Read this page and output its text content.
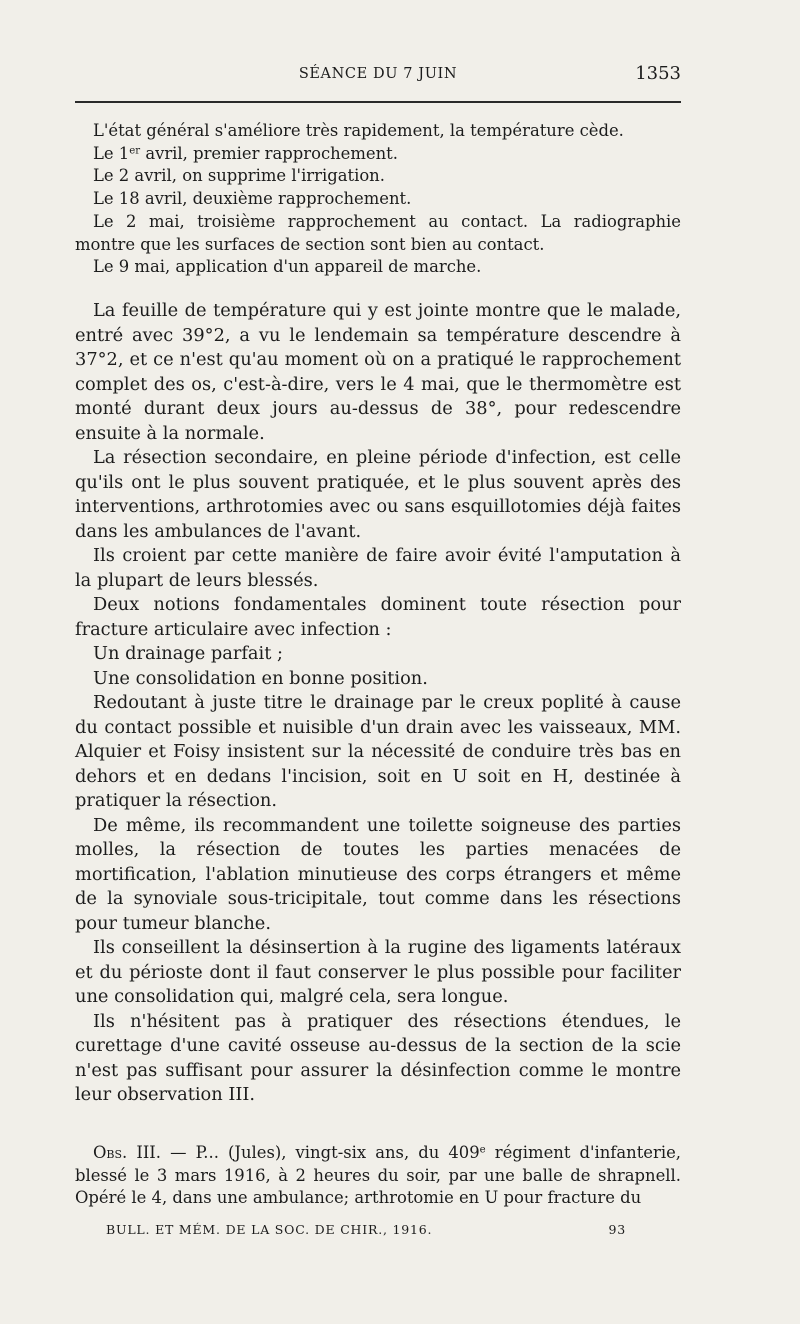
SÉANCE DU 7 JUIN	1353

L'état général s'améliore très rapidement, la température cède.

Le 1er avril, premier rapprochement.

Le 2 avril, on supprime l'irrigation.

Le 18 avril, deuxième rapprochement.

Le 2 mai, troisième rapprochement au contact. La radiographie montre que les surfaces de section sont bien au contact.

Le 9 mai, application d'un appareil de marche.

La feuille de température qui y est jointe montre que le malade, entré avec 39°2, a vu le lendemain sa température descendre à 37°2, et ce n'est qu'au moment où on a pratiqué le rapprochement complet des os, c'est-à-dire, vers le 4 mai, que le thermomètre est monté durant deux jours au-dessus de 38°, pour redescendre ensuite à la normale.

La résection secondaire, en pleine période d'infection, est celle qu'ils ont le plus souvent pratiquée, et le plus souvent après des interventions, arthrotomies avec ou sans esquillotomies déjà faites dans les ambulances de l'avant.

Ils croient par cette manière de faire avoir évité l'amputation à la plupart de leurs blessés.

Deux notions fondamentales dominent toute résection pour fracture articulaire avec infection :

Un drainage parfait ;

Une consolidation en bonne position.

Redoutant à juste titre le drainage par le creux poplité à cause du contact possible et nuisible d'un drain avec les vaisseaux, MM. Alquier et Foisy insistent sur la nécessité de conduire très bas en dehors et en dedans l'incision, soit en U soit en H, destinée à pratiquer la résection.

De même, ils recommandent une toilette soigneuse des parties molles, la résection de toutes les parties menacées de mortification, l'ablation minutieuse des corps étrangers et même de la synoviale sous-tricipitale, tout comme dans les résections pour tumeur blanche.

Ils conseillent la désinsertion à la rugine des ligaments latéraux et du périoste dont il faut conserver le plus possible pour faciliter une consolidation qui, malgré cela, sera longue.

Ils n'hésitent pas à pratiquer des résections étendues, le curettage d'une cavité osseuse au-dessus de la section de la scie n'est pas suffisant pour assurer la désinfection comme le montre leur observation III.

Obs. III. — P... (Jules), vingt-six ans, du 409e régiment d'infanterie, blessé le 3 mars 1916, à 2 heures du soir, par une balle de shrapnell. Opéré le 4, dans une ambulance; arthrotomie en U pour fracture du

BULL. ET MÉM. DE LA SOC. DE CHIR., 1916.	93
